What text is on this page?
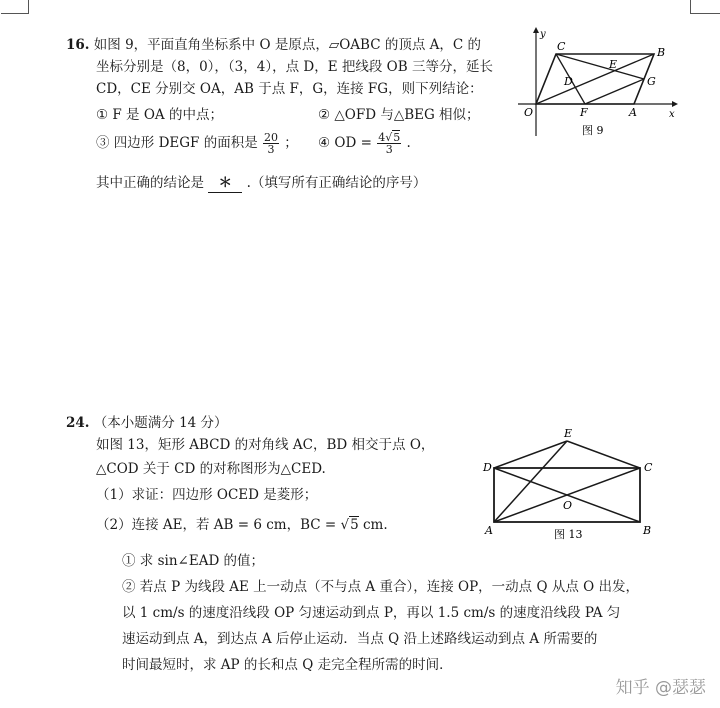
16. 如图 9，平面直角坐标系中 O 是原点，▱OABC 的顶点 A，C 的
坐标分别是（8，0），（3，4），点 D，E 把线段 OB 三等分，延长
CD，CE 分别交 OA，AB 于点 F，G，连接 FG，则下列结论：
① F 是 OA 的中点；	② △OFD 与△BEG 相似；
③ 四边形 DEGF 的面积是 $\frac{20}{3}$ ； ④ OD = $\frac{4√5}{3}$ .
其中正确的结论是 ＊ .（填写所有正确结论的序号）
y
x
O
C	B
E
D	G
F	A
图 9
24. （本小题满分 14 分）
如图 13，矩形 ABCD 的对角线 AC，BD 相交于点 O，
△COD 关于 CD 的对称图形为△CED.
（1）求证：四边形 OCED 是菱形；
（2）连接 AE，若 AB = 6 cm，BC = √5 cm.
① 求 sin∠EAD 的值；
② 若点 P 为线段 AE 上一动点（不与点 A 重合），连接 OP，一动点 Q 从点 O 出发，
以 1 cm/s 的速度沿线段 OP 匀速运动到点 P，再以 1.5 cm/s 的速度沿线段 PA 匀
速运动到点 A，到达点 A 后停止运动．当点 Q 沿上述路线运动到点 A 所需要的
时间最短时，求 AP 的长和点 Q 走完全程所需的时间．
E
D	C
O
A	B
图 13
知乎 @瑟瑟
